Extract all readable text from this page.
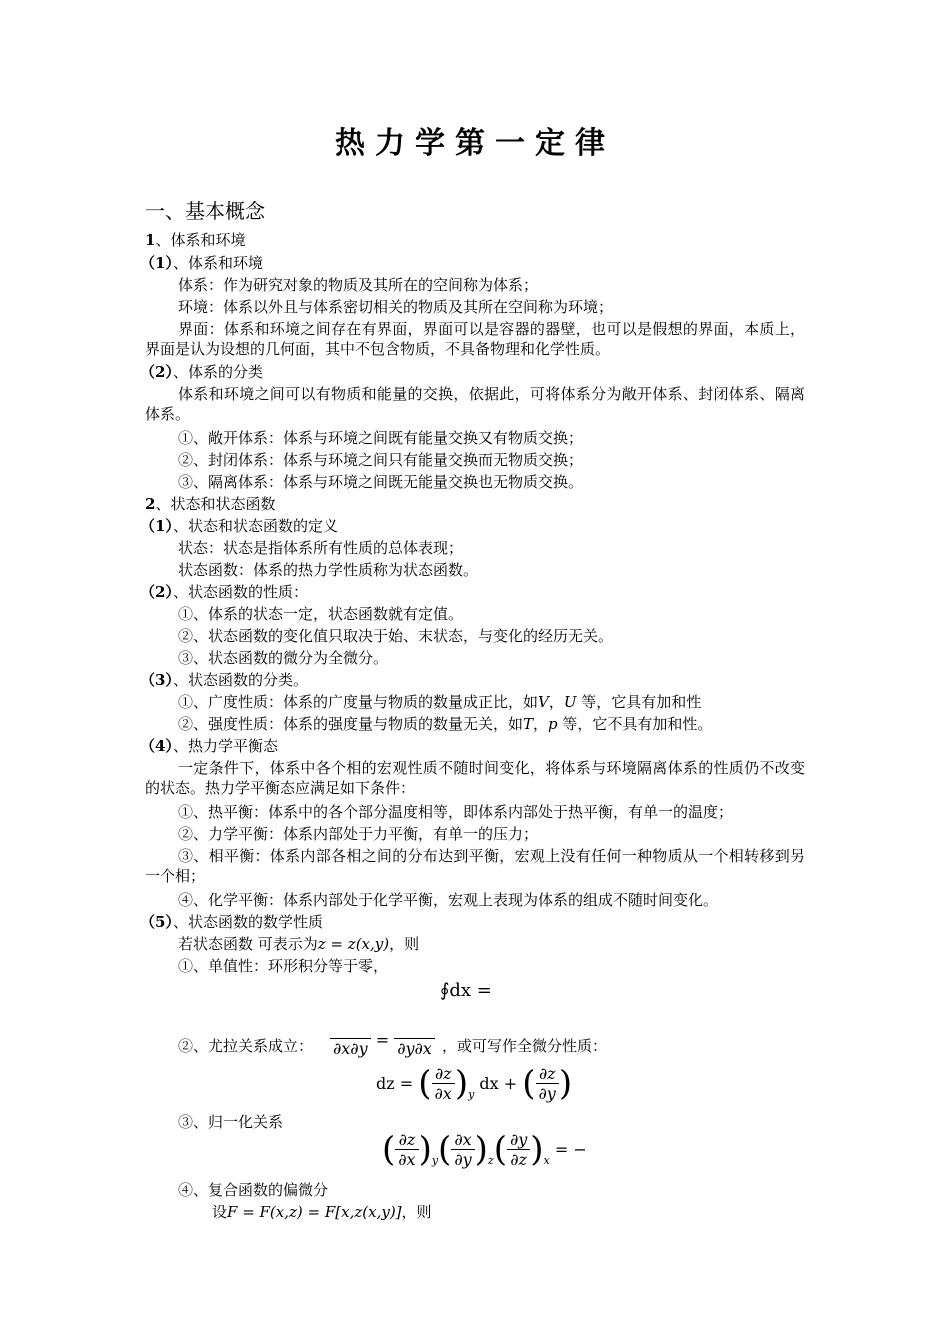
热力学第一定律
一、基本概念
1、体系和环境
（1）、体系和环境
体系：作为研究对象的物质及其所在的空间称为体系；
环境：体系以外且与体系密切相关的物质及其所在空间称为环境；
界面：体系和环境之间存在有界面，界面可以是容器的器壁，也可以是假想的界面，本质上，界面是认为设想的几何面，其中不包含物质，不具备物理和化学性质。
（2）、体系的分类
体系和环境之间可以有物质和能量的交换，依据此，可将体系分为敞开体系、封闭体系、隔离体系。
①、敞开体系：体系与环境之间既有能量交换又有物质交换；
②、封闭体系：体系与环境之间只有能量交换而无物质交换；
③、隔离体系：体系与环境之间既无能量交换也无物质交换。
2、状态和状态函数
（1）、状态和状态函数的定义
状态：状态是指体系所有性质的总体表现；
状态函数：体系的热力学性质称为状态函数。
（2）、状态函数的性质：
①、体系的状态一定，状态函数就有定值。
②、状态函数的变化值只取决于始、末状态，与变化的经历无关。
③、状态函数的微分为全微分。
（3）、状态函数的分类。
①、广度性质：体系的广度量与物质的数量成正比，如V，U 等，它具有加和性
②、强度性质：体系的强度量与物质的数量无关，如T，p 等，它不具有加和性。
（4）、热力学平衡态
一定条件下，体系中各个相的宏观性质不随时间变化，将体系与环境隔离体系的性质仍不改变的状态。热力学平衡态应满足如下条件：
①、热平衡：体系中的各个部分温度相等，即体系内部处于热平衡，有单一的温度；
②、力学平衡：体系内部处于力平衡，有单一的压力；
③、相平衡：体系内部各相之间的分布达到平衡，宏观上没有任何一种物质从一个相转移到另一个相；
④、化学平衡：体系内部处于化学平衡，宏观上表现为体系的组成不随时间变化。
（5）、状态函数的数学性质
若状态函数 可表示为z = z(x,y)，则
①、单值性：环形积分等于零，
∮dx =
②、尤拉关系成立： ∂x∂y = ∂y∂x ，或可写作全微分性质：
dz = ( $\frac{\partial z}{\partial x} )_y$ dx + ( $\frac{\partial z}{\partial y}$ )
③、归一化关系
( $\frac{\partial z}{\partial x} )_y( \frac{\partial x}{\partial y} )_z( \frac{\partial y}{\partial z} )_x$ = −
④、复合函数的偏微分
设F = F(x,z) = F[x,z(x,y)]，则
